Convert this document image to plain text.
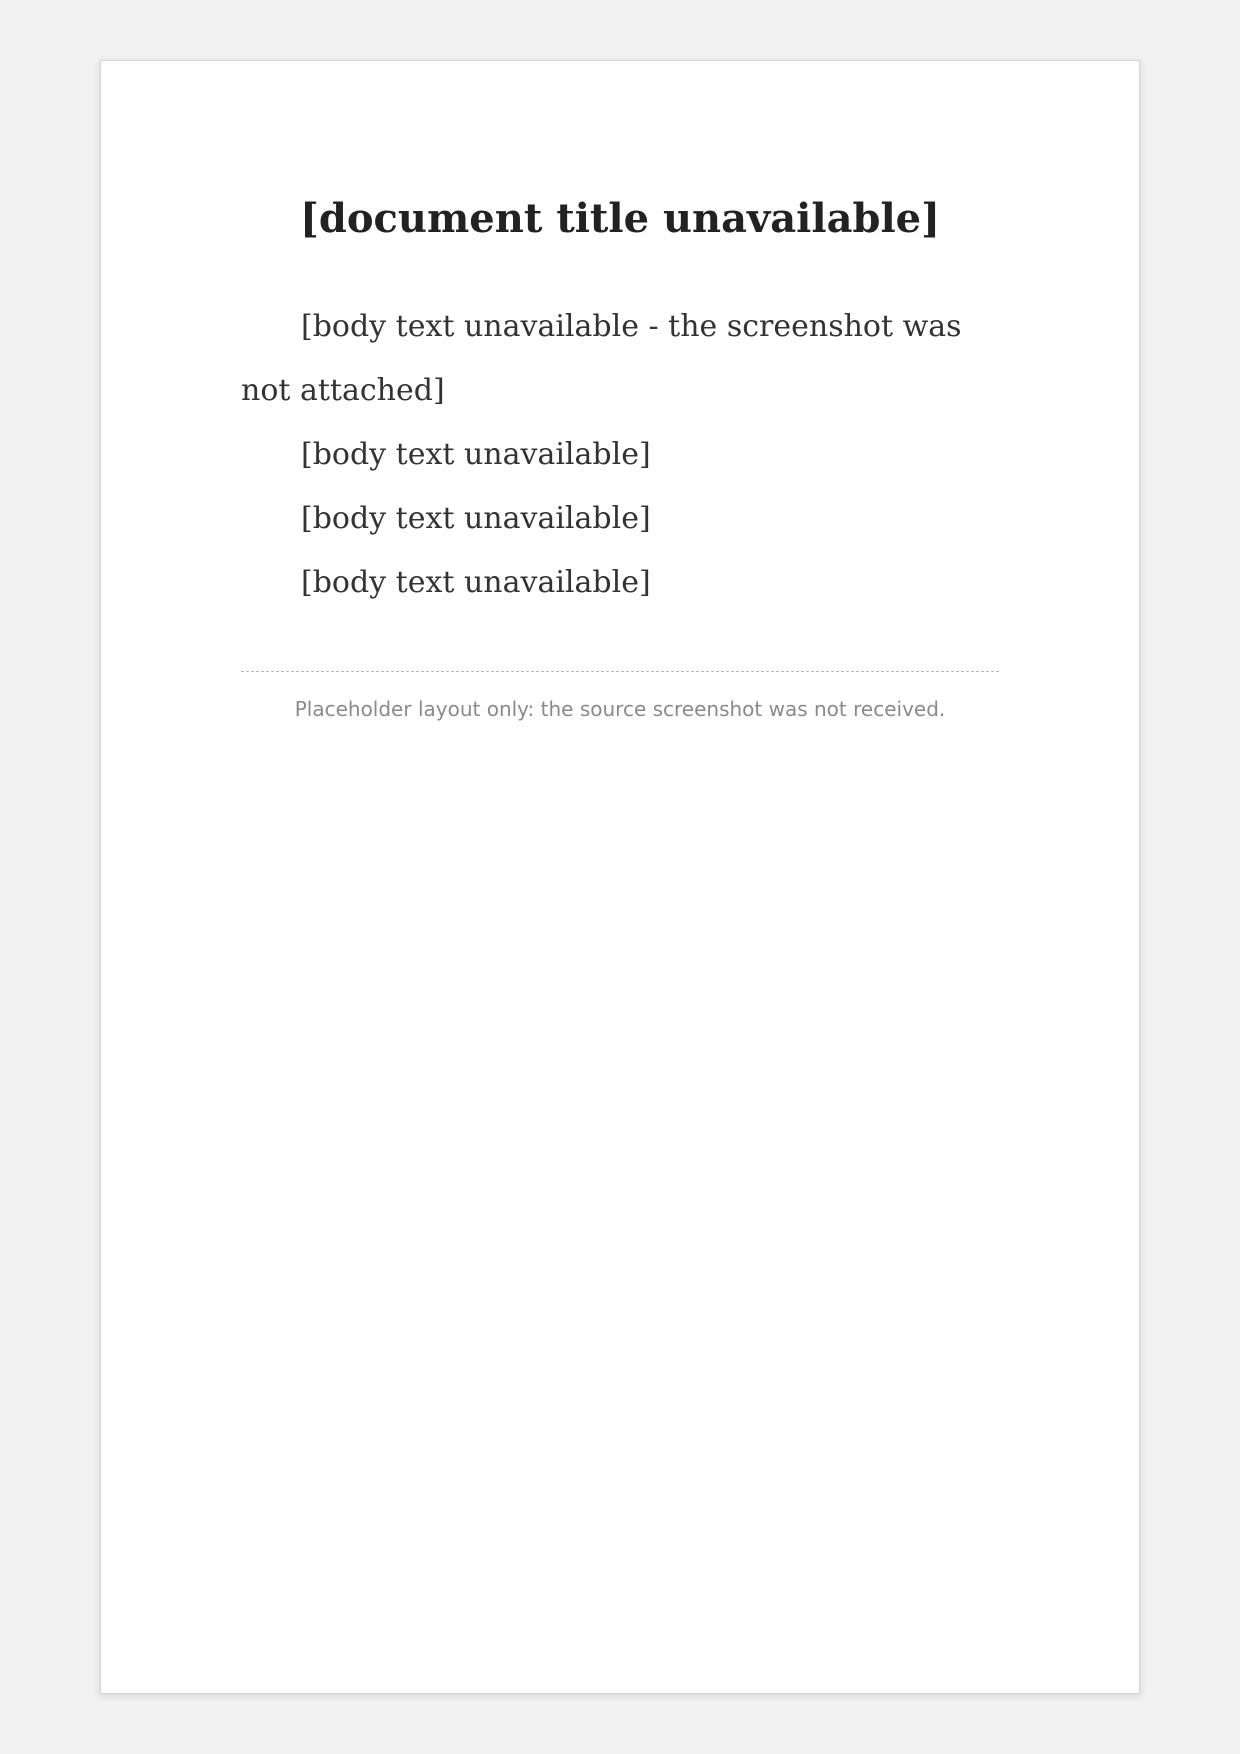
[document title unavailable]

[body text unavailable - the screenshot was not attached]

[body text unavailable]

[body text unavailable]

[body text unavailable]

Placeholder layout only: the source screenshot was not received.
